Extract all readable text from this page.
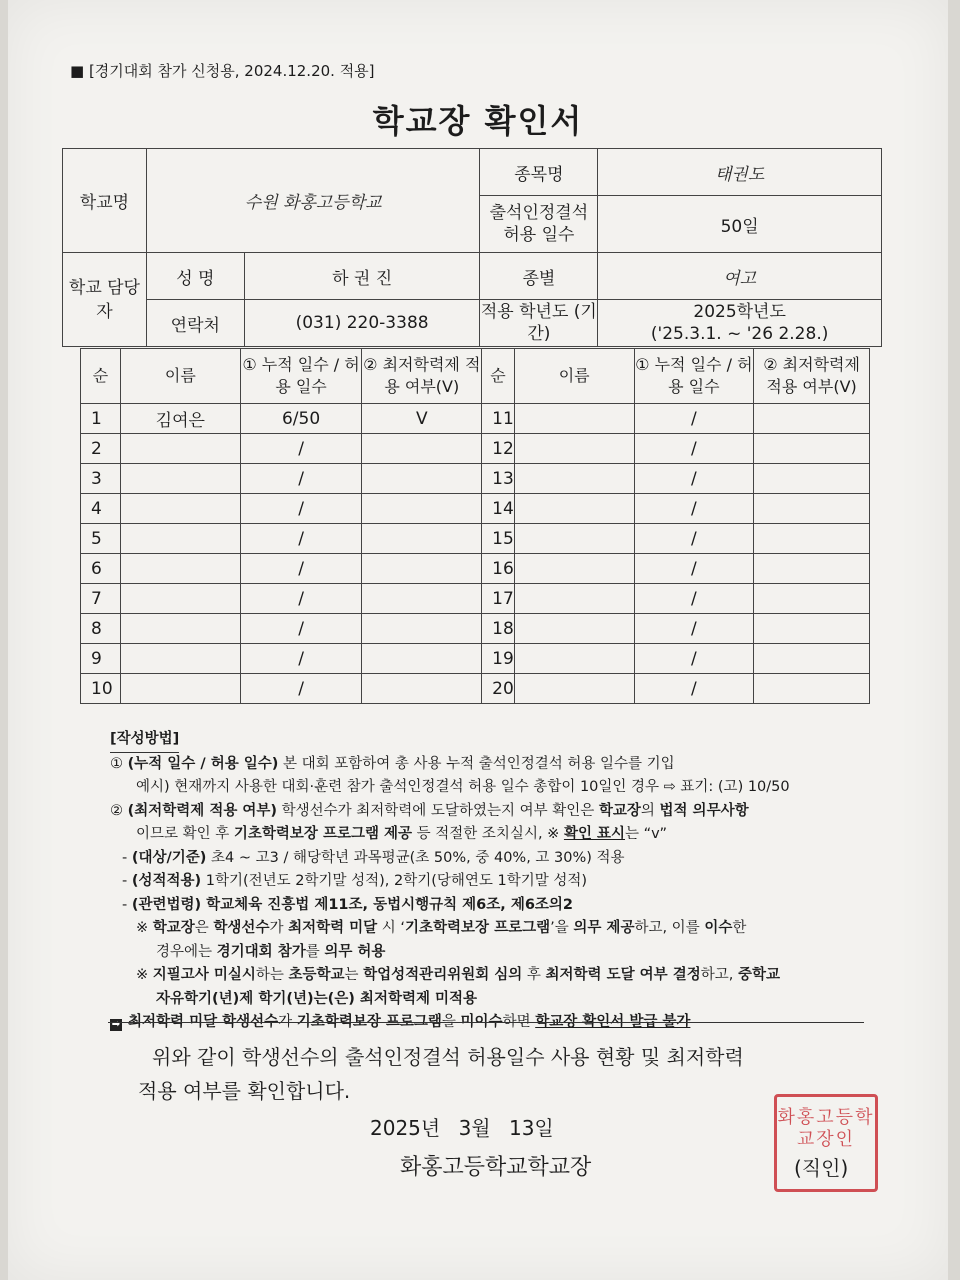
■ [경기대회 참가 신청용, 2024.12.20. 적용]
학교장 확인서
학교명	수원 화홍고등학교		종목명	태권도
			출석인정결석 허용 일수	50일
학교 담당자	성 명	하 권 진	종별	여고
	연락처	(031) 220-3388	적용 학년도 (기간)	2025학년도
('25.3.1. ~ '26 2.28.)
순	이름	① 누적 일수 / 허용 일수	② 최저학력제 적용 여부(V)	순	이름	① 누적 일수 / 허용 일수	② 최저학력제 적용 여부(V)
1	김여은	6/50	V	11		/	
2		/		12		/	
3		/		13		/	
4		/		14		/	
5		/		15		/	
6		/		16		/	
7		/		17		/	
8		/		18		/	
9		/		19		/	
10		/		20		/	

[작성방법]

① (누적 일수 / 허용 일수) 본 대회 포함하여 총 사용 누적 출석인정결석 허용 일수를 기입

예시) 현재까지 사용한 대회·훈련 참가 출석인정결석 허용 일수 총합이 10일인 경우 ⇨ 표기: (고) 10/50

② (최저학력제 적용 여부) 학생선수가 최저학력에 도달하였는지 여부 확인은 학교장의 법적 의무사항

이므로 확인 후 기초학력보장 프로그램 제공 등 적절한 조치실시, ※ 확인 표시는 “v”

- (대상/기준) 초4 ~ 고3 / 해당학년 과목평균(초 50%, 중 40%, 고 30%) 적용

- (성적적용) 1학기(전년도 2학기말 성적), 2학기(당해연도 1학기말 성적)

- (관련법령) 학교체육 진흥법 제11조, 동법시행규칙 제6조, 제6조의2

※ 학교장은 학생선수가 최저학력 미달 시 ‘기초학력보장 프로그램’을 의무 제공하고, 이를 이수한

경우에는 경기대회 참가를 의무 허용

※ 지필고사 미실시하는 초등학교는 학업성적관리위원회 심의 후 최저학력 도달 여부 결정하고, 중학교

자유학기(년)제 학기(년)는(은) 최저학력제 미적용

➡ 최저학력 미달 학생선수가 기초학력보장 프로그램을 미이수하면 학교장 확인서 발급 불가

위와 같이 학생선수의 출석인정결석 허용일수 사용 현황 및 최저학력
적용 여부를 확인합니다.
2025년 3월 13일
화홍고등학교학교장
화홍고등학교장인
(직인)
